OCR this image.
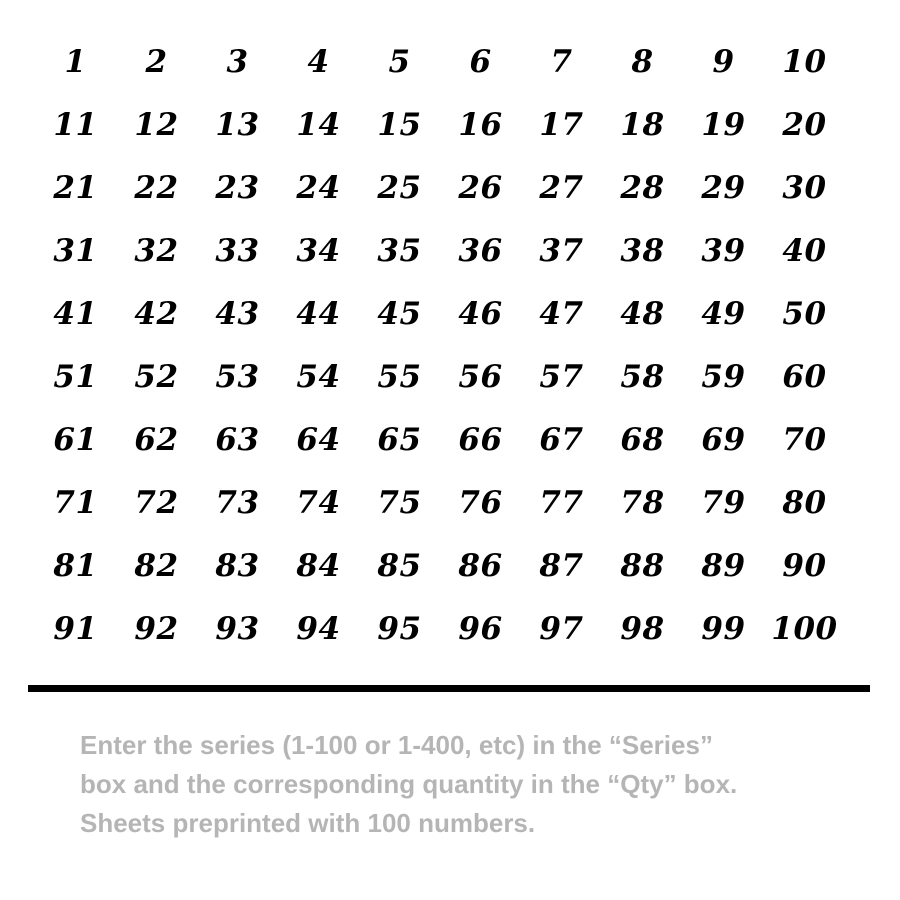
1	2	3	4	5	6	7	8	9	10
11	12	13	14	15	16	17	18	19	20
21	22	23	24	25	26	27	28	29	30
31	32	33	34	35	36	37	38	39	40
41	42	43	44	45	46	47	48	49	50
51	52	53	54	55	56	57	58	59	60
61	62	63	64	65	66	67	68	69	70
71	72	73	74	75	76	77	78	79	80
81	82	83	84	85	86	87	88	89	90
91	92	93	94	95	96	97	98	99 100

Enter the series (1-100 or 1-400, etc) in the “Series”
box and the corresponding quantity in the “Qty” box.
Sheets preprinted with 100 numbers.
